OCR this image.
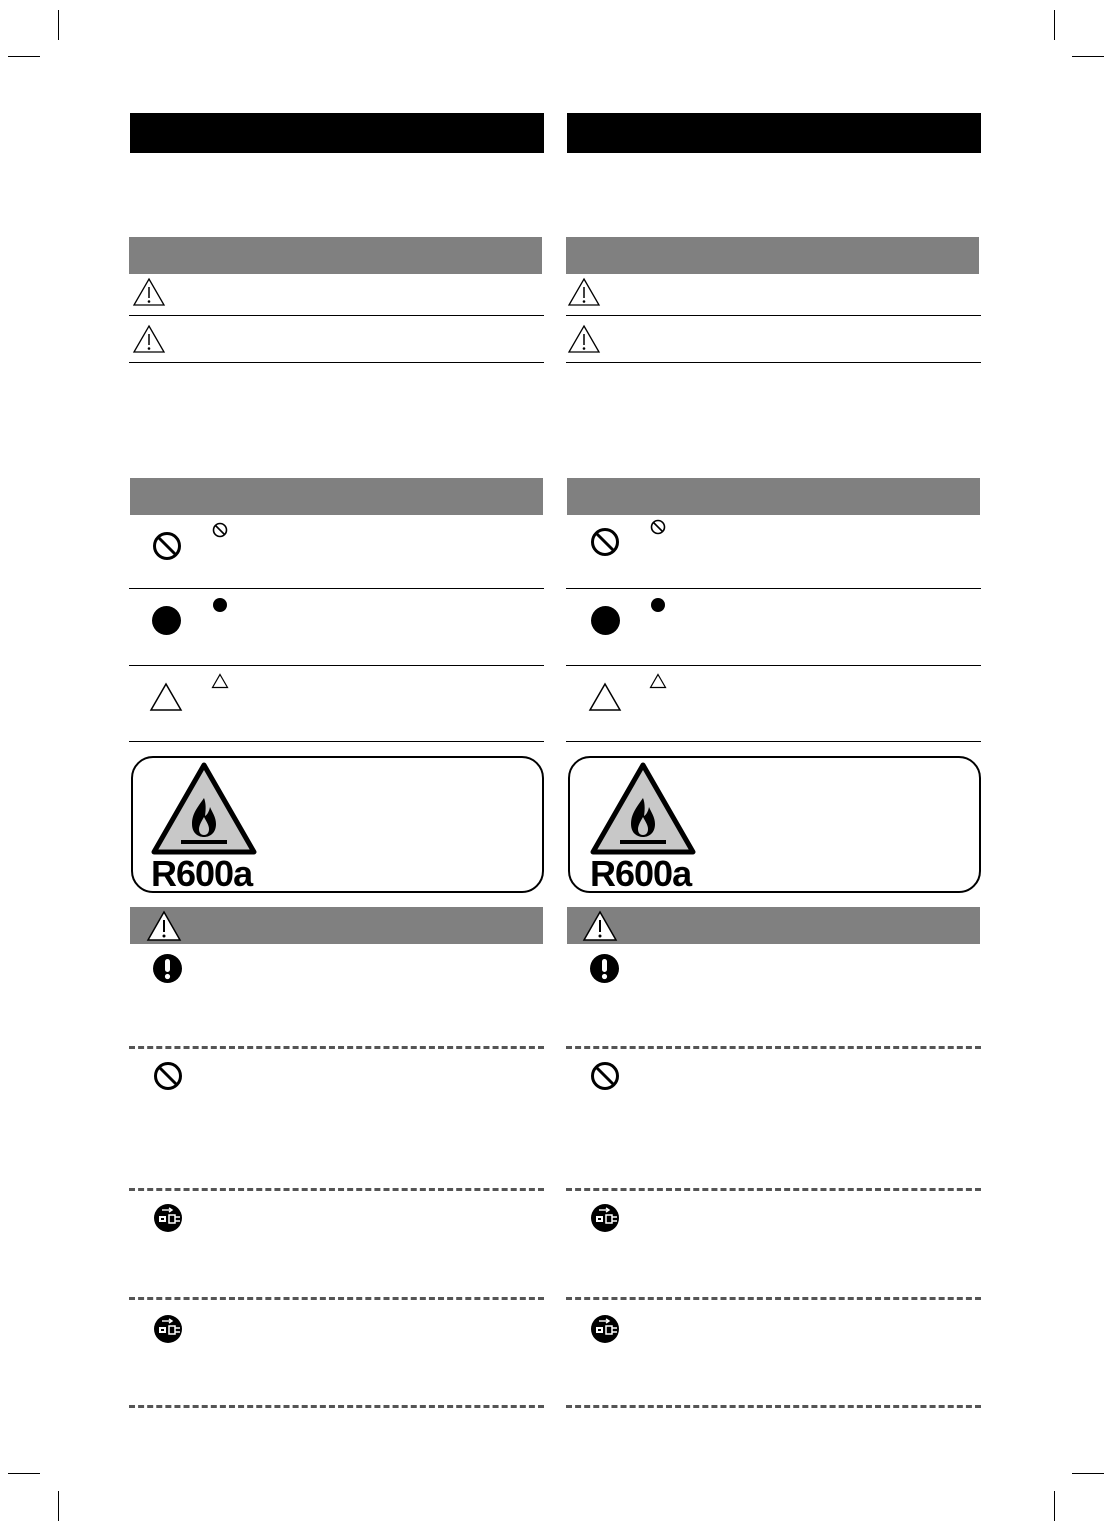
R600a	R600a
